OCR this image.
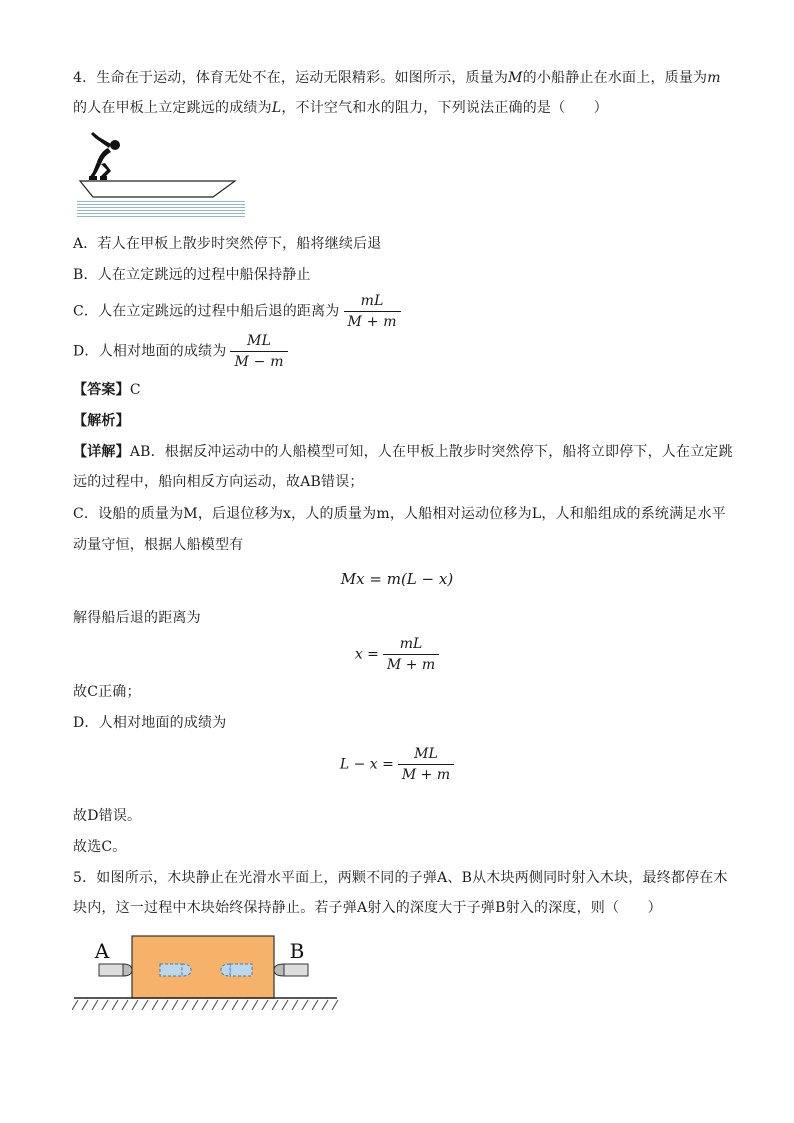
4．生命在于运动，体育无处不在，运动无限精彩。如图所示，质量为M的小船静止在水面上，质量为m
的人在甲板上立定跳远的成绩为L，不计空气和水的阻力，下列说法正确的是（　　）
A．若人在甲板上散步时突然停下，船将继续后退
B．人在立定跳远的过程中船保持静止
C．人在立定跳远的过程中船后退的距离为 $\frac{mL}{M + m}$
D．人相对地面的成绩为 $\frac{ML}{M - m}$
【答案】C
【解析】
【详解】AB．根据反冲运动中的人船模型可知，人在甲板上散步时突然停下，船将立即停下，人在立定跳
远的过程中，船向相反方向运动，故AB错误；
C．设船的质量为M，后退位移为x，人的质量为m，人船相对运动位移为L，人和船组成的系统满足水平
动量守恒，根据人船模型有
Mx = m(L − x)
解得船后退的距离为
$x = \frac{mL}{M + m}$
故C正确；
D．人相对地面的成绩为
$L - x = \frac{ML}{M + m}$
故D错误。
故选C。
5．如图所示，木块静止在光滑水平面上，两颗不同的子弹A、B从木块两侧同时射入木块，最终都停在木
块内，这一过程中木块始终保持静止。若子弹A射入的深度大于子弹B射入的深度，则（　　）
A	B
